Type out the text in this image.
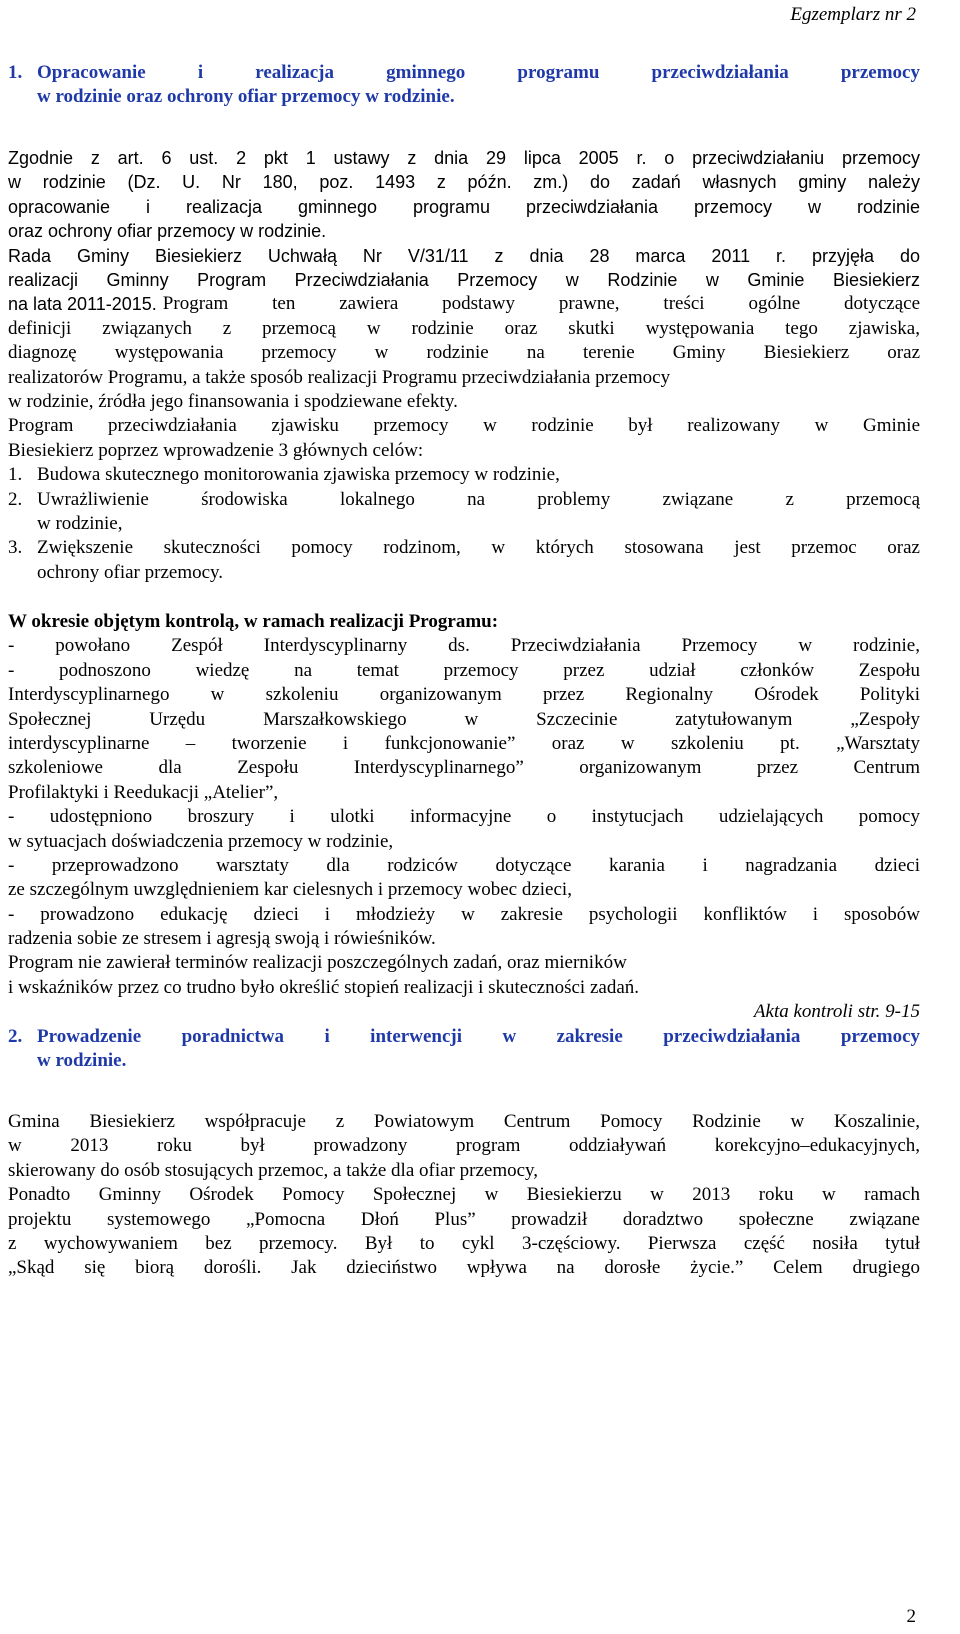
Egzemplarz nr 2
1. Opracowanie i realizacja gminnego programu przeciwdziałania przemocy
w rodzinie oraz ochrony ofiar przemocy w rodzinie.
Zgodnie z art. 6 ust. 2 pkt 1 ustawy z dnia 29 lipca 2005 r. o przeciwdziałaniu przemocy
w rodzinie (Dz. U. Nr 180, poz. 1493 z późn. zm.) do zadań własnych gminy należy
opracowanie i realizacja gminnego programu przeciwdziałania przemocy w rodzinie
oraz ochrony ofiar przemocy w rodzinie.
Rada Gminy Biesiekierz Uchwałą Nr V/31/11 z dnia 28 marca 2011 r. przyjęła do
realizacji Gminny Program Przeciwdziałania Przemocy w Rodzinie w Gminie Biesiekierz
na lata 2011-2015. Program ten zawiera podstawy prawne, treści ogólne dotyczące
definicji związanych z przemocą w rodzinie oraz skutki występowania tego zjawiska,
diagnozę występowania przemocy w rodzinie na terenie Gminy Biesiekierz oraz
realizatorów Programu, a także sposób realizacji Programu przeciwdziałania przemocy
w rodzinie, źródła jego finansowania i spodziewane efekty.
Program przeciwdziałania zjawisku przemocy w rodzinie był realizowany w Gminie
Biesiekierz poprzez wprowadzenie 3 głównych celów:
1. Budowa skutecznego monitorowania zjawiska przemocy w rodzinie,
2. Uwrażliwienie środowiska lokalnego na problemy związane z przemocą
w rodzinie,
3. Zwiększenie skuteczności pomocy rodzinom, w których stosowana jest przemoc oraz
ochrony ofiar przemocy.
W okresie objętym kontrolą, w ramach realizacji Programu:
- powołano Zespół Interdyscyplinarny ds. Przeciwdziałania Przemocy w rodzinie,
- podnoszono wiedzę na temat przemocy przez udział członków Zespołu
Interdyscyplinarnego w szkoleniu organizowanym przez Regionalny Ośrodek Polityki
Społecznej Urzędu Marszałkowskiego w Szczecinie zatytułowanym „Zespoły
interdyscyplinarne – tworzenie i funkcjonowanie” oraz w szkoleniu pt. „Warsztaty
szkoleniowe dla Zespołu Interdyscyplinarnego” organizowanym przez Centrum
Profilaktyki i Reedukacji „Atelier”,
- udostępniono broszury i ulotki informacyjne o instytucjach udzielających pomocy
w sytuacjach doświadczenia przemocy w rodzinie,
- przeprowadzono warsztaty dla rodziców dotyczące karania i nagradzania dzieci
ze szczególnym uwzględnieniem kar cielesnych i przemocy wobec dzieci,
- prowadzono edukację dzieci i młodzieży w zakresie psychologii konfliktów i sposobów
radzenia sobie ze stresem i agresją swoją i rówieśników.
Program nie zawierał terminów realizacji poszczególnych zadań, oraz mierników
i wskaźników przez co trudno było określić stopień realizacji i skuteczności zadań.
Akta kontroli str. 9-15
2. Prowadzenie poradnictwa i interwencji w zakresie przeciwdziałania przemocy
w rodzinie.
Gmina Biesiekierz współpracuje z Powiatowym Centrum Pomocy Rodzinie w Koszalinie,
w 2013 roku był prowadzony program oddziaływań korekcyjno–edukacyjnych,
skierowany do osób stosujących przemoc, a także dla ofiar przemocy,
Ponadto Gminny Ośrodek Pomocy Społecznej w Biesiekierzu w 2013 roku w ramach
projektu systemowego „Pomocna Dłoń Plus” prowadził doradztwo społeczne związane
z wychowywaniem bez przemocy. Był to cykl 3-częściowy. Pierwsza część nosiła tytuł
„Skąd się biorą dorośli. Jak dzieciństwo wpływa na dorosłe życie.” Celem drugiego
2
